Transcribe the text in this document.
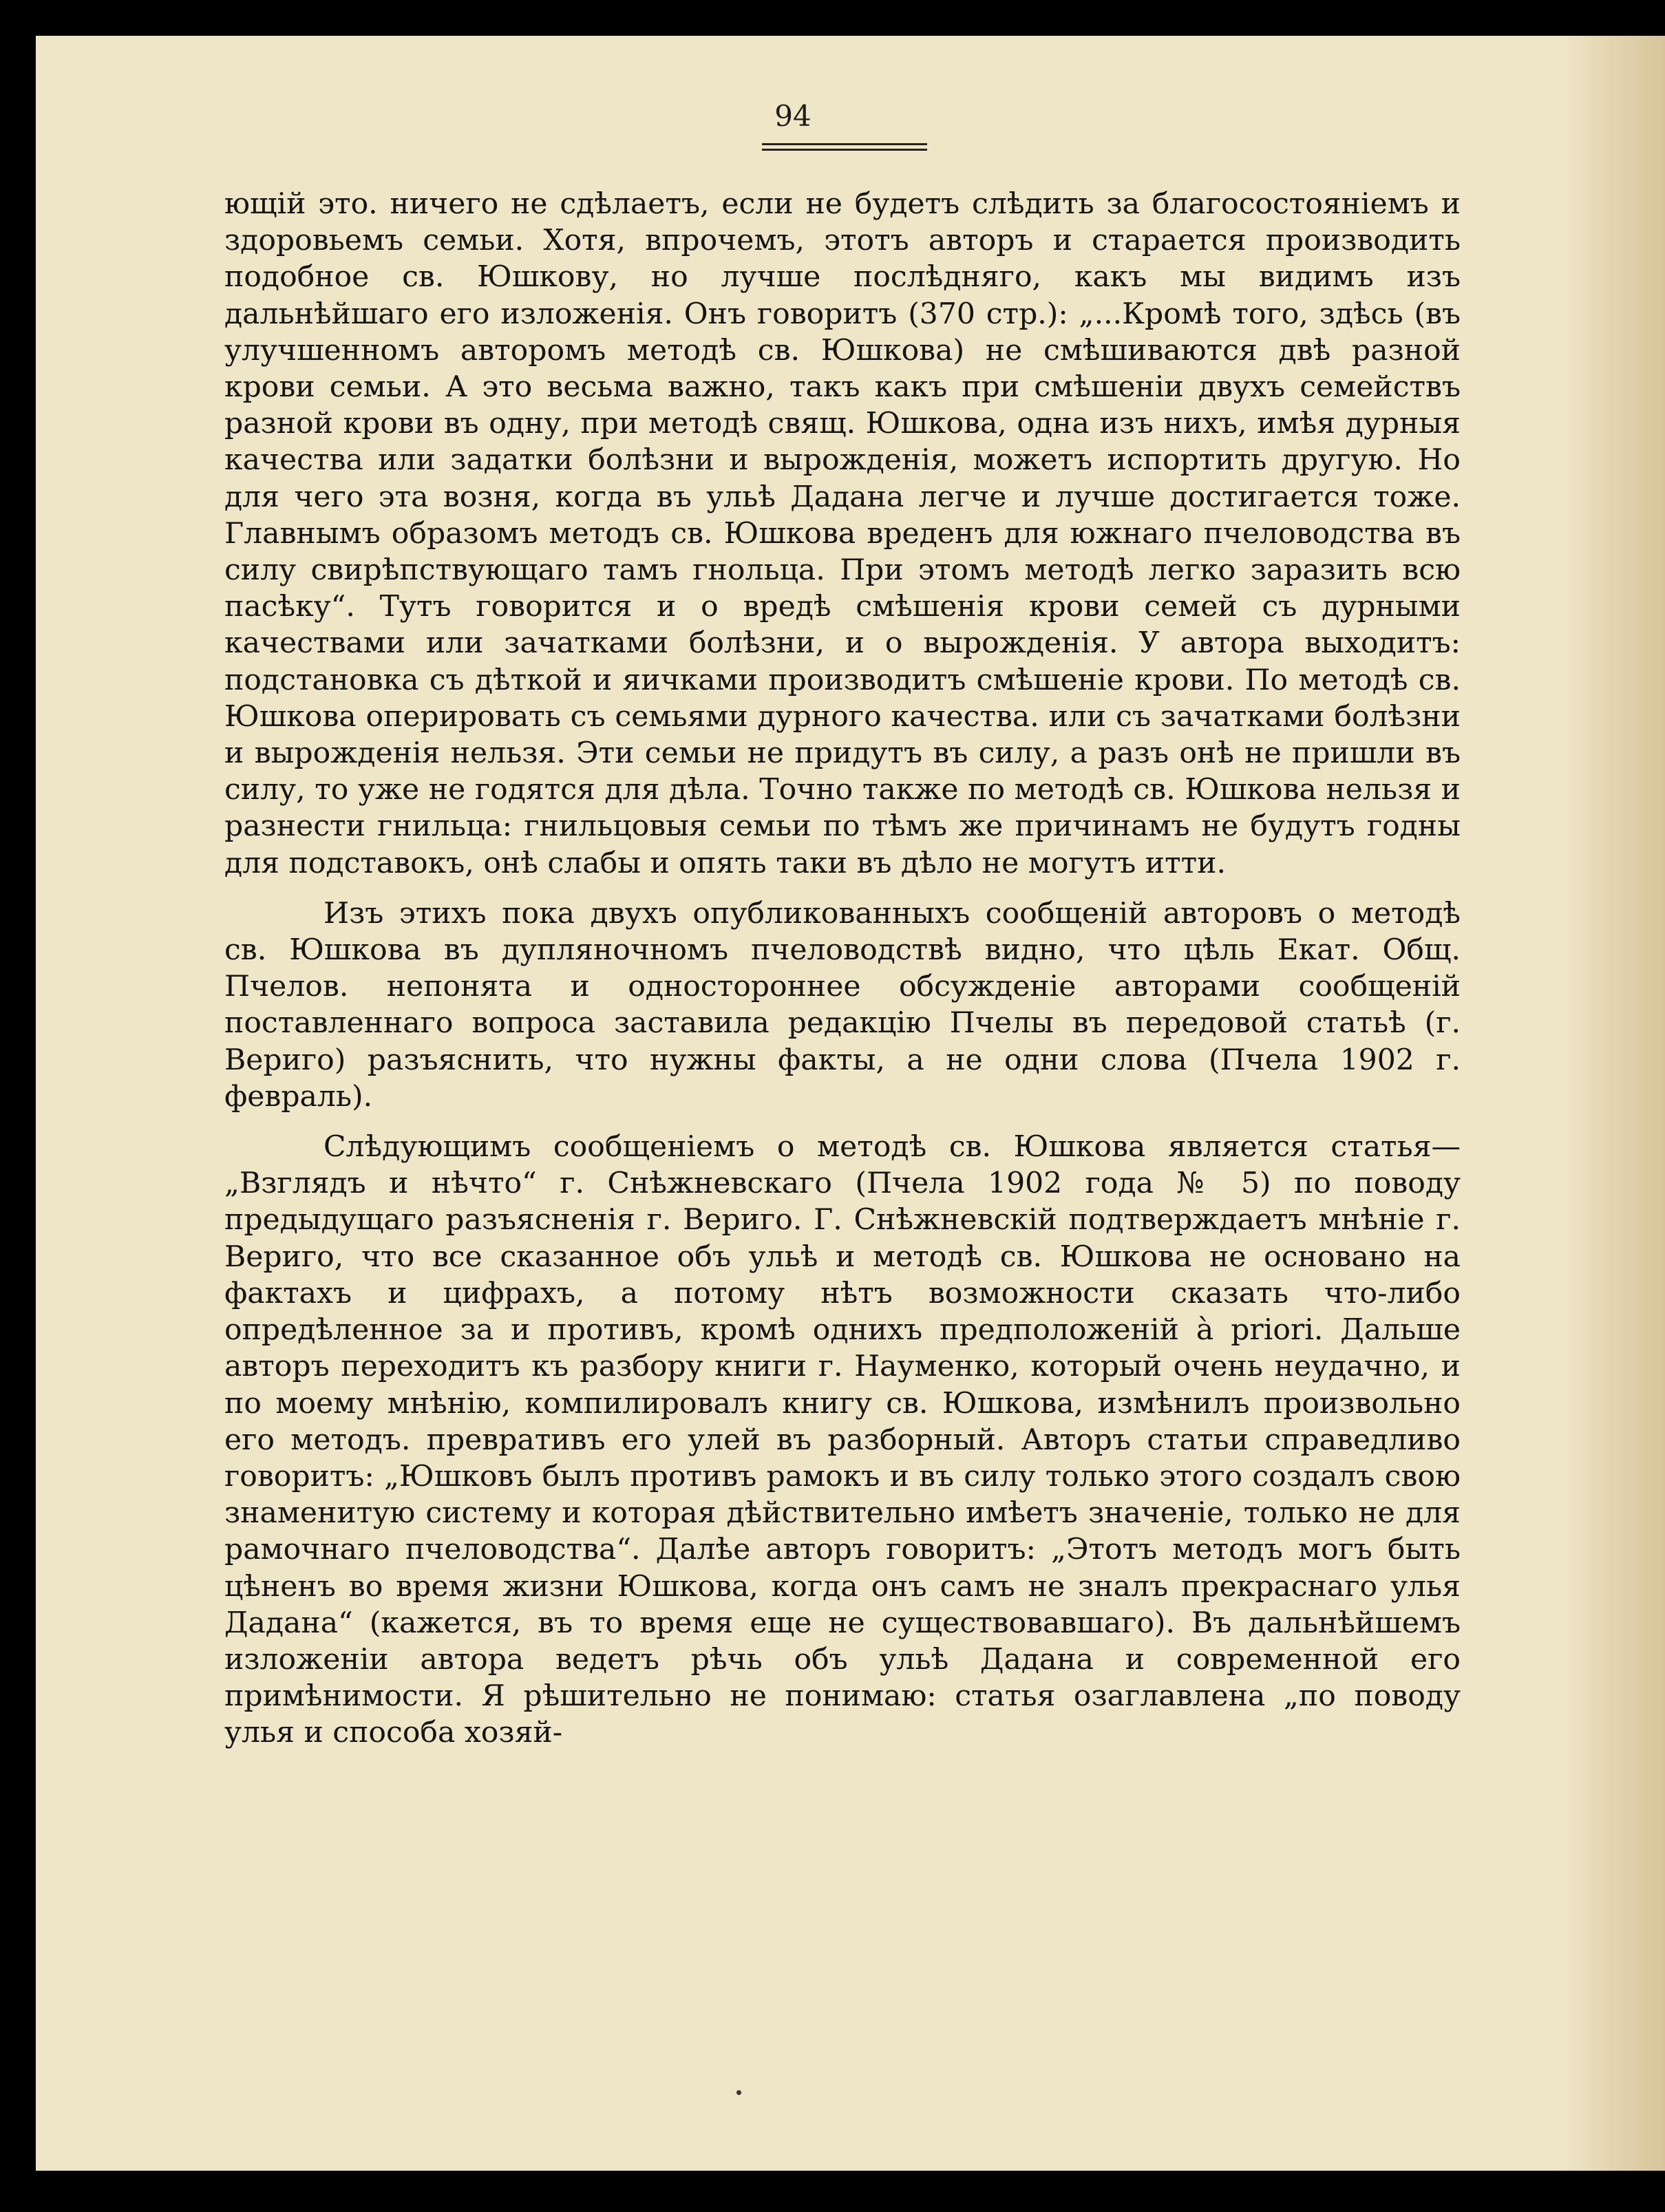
94

ющій это. ничего не сдѣлаетъ, если не будетъ слѣдить за благосостояніемъ и здоровьемъ семьи. Хотя, впрочемъ, этотъ авторъ и старается производить подобное св. Юшкову, но лучше послѣдняго, какъ мы видимъ изъ дальнѣйшаго его изложенія. Онъ говоритъ (370 стр.): „...Кромѣ того, здѣсь (въ улучшенномъ авторомъ методѣ св. Юшкова) не смѣшиваются двѣ разной крови семьи. А это весьма важно, такъ какъ при смѣшеніи двухъ семействъ разной крови въ одну, при методѣ свящ. Юшкова, одна изъ нихъ, имѣя дурныя качества или задатки болѣзни и вырожденія, можетъ испортить другую. Но для чего эта возня, когда въ ульѣ Дадана легче и лучше достигается тоже. Главнымъ образомъ методъ св. Юшкова вреденъ для южнаго пчеловодства въ силу свирѣпствующаго тамъ гнольца. При этомъ методѣ легко заразить всю пасѣку“. Тутъ говорится и о вредѣ смѣшенія крови семей съ дурными качествами или зачатками болѣзни, и о вырожденія. У автора выходитъ: подстановка съ дѣткой и яичками производитъ смѣшеніе крови. По методѣ св. Юшкова оперировать съ семьями дурного качества. или съ зачатками болѣзни и вырожденія нельзя. Эти семьи не придутъ въ силу, а разъ онѣ не пришли въ силу, то уже не годятся для дѣла. Точно также по методѣ св. Юшкова нельзя и разнести гнильца: гнильцовыя семьи по тѣмъ же причинамъ не будутъ годны для подставокъ, онѣ слабы и опять таки въ дѣло не могутъ итти.

Изъ этихъ пока двухъ опубликованныхъ сообщеній авторовъ о методѣ св. Юшкова въ дупляночномъ пчеловодствѣ видно, что цѣль Екат. Общ. Пчелов. непонята и одностороннее обсужденіе авторами сообщеній поставленнаго вопроса заставила редакцію Пчелы въ передовой статьѣ (г. Вериго) разъяснить, что нужны факты, а не одни слова (Пчела 1902 г. февраль).

Слѣдующимъ сообщеніемъ о методѣ св. Юшкова является статья—„Взглядъ и нѣчто“ г. Снѣжневскаго (Пчела 1902 года № 5) по поводу предыдущаго разъясненія г. Вериго. Г. Снѣжневскій подтверждаетъ мнѣніе г. Вериго, что все сказанное объ ульѣ и методѣ св. Юшкова не основано на фактахъ и цифрахъ, а потому нѣтъ возможности сказать что-либо опредѣленное за и противъ, кромѣ однихъ предположеній à priori. Дальше авторъ переходитъ къ разбору книги г. Науменко, который очень неудачно, и по моему мнѣнію, компилировалъ книгу св. Юшкова, измѣнилъ произвольно его методъ. превративъ его улей въ разборный. Авторъ статьи справедливо говоритъ: „Юшковъ былъ противъ рамокъ и въ силу только этого создалъ свою знаменитую систему и которая дѣйствительно имѣетъ значеніе, только не для рамочнаго пчеловодства“. Далѣе авторъ говоритъ: „Этотъ методъ могъ быть цѣненъ во время жизни Юшкова, когда онъ самъ не зналъ прекраснаго улья Дадана“ (кажется, въ то время еще не существовавшаго). Въ дальнѣйшемъ изложеніи автора ведетъ рѣчь объ ульѣ Дадана и современной его примѣнимости. Я рѣшительно не понимаю: статья озаглавлена „по поводу улья и способа хозяй-
